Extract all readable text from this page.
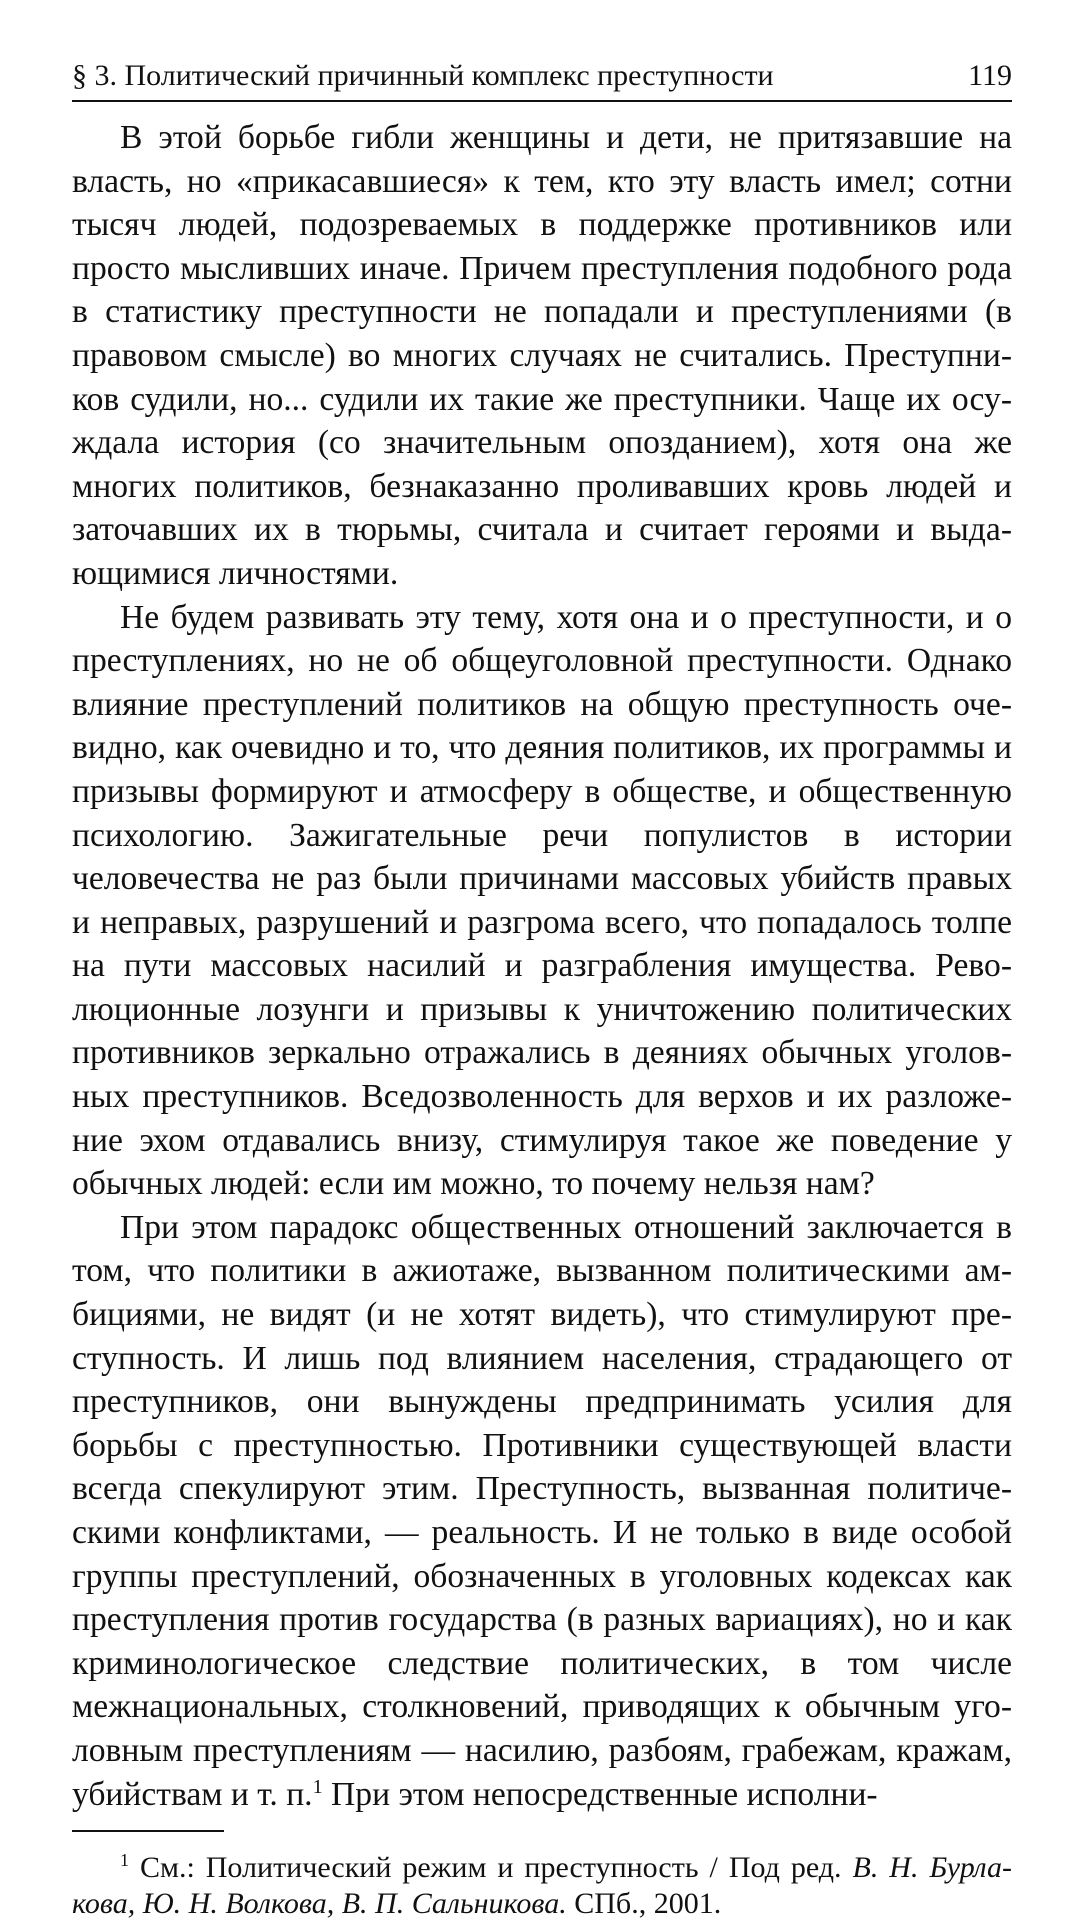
§ 3. Политический причинный комплекс преступности	119

В этой борьбе гибли женщины и дети, не притязавшие на власть, но «прикасавшиеся» к тем, кто эту власть имел; сотни тысяч людей, подозреваемых в поддержке противников или просто мысливших иначе. Причем преступления подобного рода в статистику преступности не попадали и преступлениями (в правовом смысле) во многих случаях не считались. Преступников судили, но... судили их такие же преступники. Чаще их осуждала история (со значительным опозданием), хотя она же многих политиков, безнаказанно проливавших кровь людей и заточавших их в тюрьмы, считала и считает героями и выдающимися личностями.

Не будем развивать эту тему, хотя она и о преступности, и о преступлениях, но не об общеуголовной преступности. Однако влияние преступлений политиков на общую преступность очевидно, как очевидно и то, что деяния политиков, их программы и призывы формируют и атмосферу в обществе, и общественную психологию. Зажигательные речи популистов в истории человечества не раз были причинами массовых убийств правых и неправых, разрушений и разгрома всего, что попадалось толпе на пути массовых насилий и разграбления имущества. Революционные лозунги и призывы к уничтожению политических противников зеркально отражались в деяниях обычных уголовных преступников. Вседозволенность для верхов и их разложение эхом отдавались внизу, стимулируя такое же поведение у обычных людей: если им можно, то почему нельзя нам?

При этом парадокс общественных отношений заключается в том, что политики в ажиотаже, вызванном политическими амбициями, не видят (и не хотят видеть), что стимулируют преступность. И лишь под влиянием населения, страдающего от преступников, они вынуждены предпринимать усилия для борьбы с преступностью. Противники существующей власти всегда спекулируют этим. Преступность, вызванная политическими конфликтами, — реальность. И не только в виде особой группы преступлений, обозначенных в уголовных кодексах как преступления против государства (в разных вариациях), но и как криминологическое следствие политических, в том числе межнациональных, столкновений, приводящих к обычным уголовным преступлениям — насилию, разбоям, грабежам, кражам, убийствам и т. п.$^1$ При этом непосредственные исполни-

$^1$ См.: Политический режим и преступность / Под ред. В. Н. Бурлакова, Ю. Н. Волкова, В. П. Сальникова. СПб., 2001.
